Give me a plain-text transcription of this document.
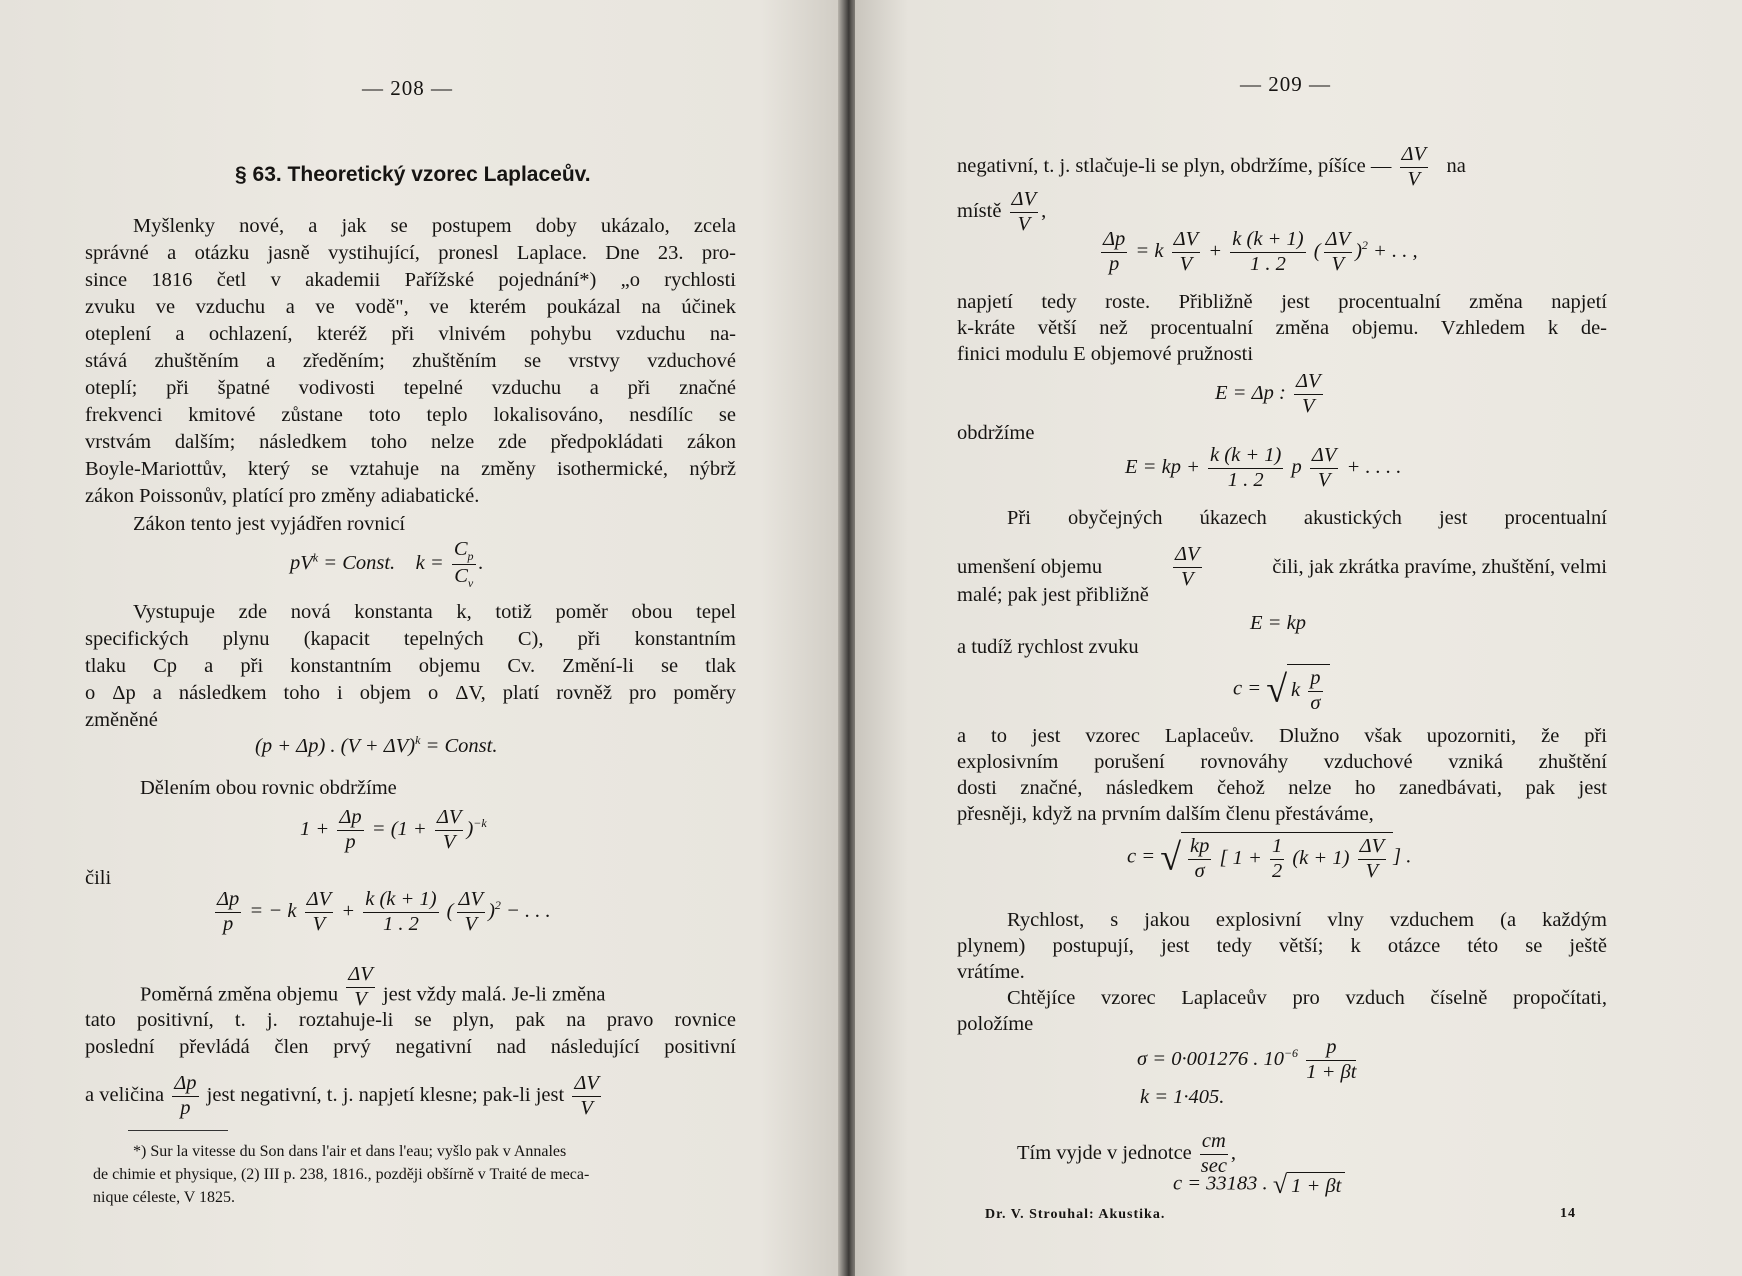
— 208 —
§ 63. Theoretický vzorec Laplaceův.
Myšlenky nové, a jak se postupem doby ukázalo, zcela
správné a otázku jasně vystihující, pronesl Laplace. Dne 23. pro-
since 1816 četl v akademii Pařížské pojednání*) „o rychlosti
zvuku ve vzduchu a ve vodě", ve kterém poukázal na účinek
oteplení a ochlazení, kteréž při vlnivém pohybu vzduchu na-
stává zhuštěním a zředěním; zhuštěním se vrstvy vzduchové
oteplí; při špatné vodivosti tepelné vzduchu a při značné
frekvenci kmitové zůstane toto teplo lokalisováno, nesdílíc se
vrstvám dalším; následkem toho nelze zde předpokládati zákon
Boyle-Mariottův, který se vztahuje na změny isothermické, nýbrž
zákon Poissonův, platící pro změny adiabatické.
Zákon tento jest vyjádřen rovnicí
$pV^k$ = Const. $k = \frac{C_p}{C_v}$ .
Vystupuje zde nová konstanta k, totiž poměr obou tepel
specifických plynu (kapacit tepelných C), při konstantním
tlaku Cp a při konstantním objemu Cv. Změní-li se tlak
o Δp a následkem toho i objem o ΔV, platí rovněž pro poměry
změněné
(p + Δp) . $(V + \Delta V)^k$ = Const.
Dělením obou rovnic obdržíme
$1 + \frac{\Delta p}{p} = (1 + \frac{\Delta V}{V} )^{-k}$
čili
$\frac{\Delta p}{p}$ = − k $\frac{\Delta V}{V} + \frac{k (k + 1)}{1 . 2}$ ( $\frac{\Delta V}{V} )^2$ − . . .
Poměrná změna objemu $\frac{\Delta V}{V}$ jest vždy malá. Je-li změna
tato positivní, t. j. roztahuje-li se plyn, pak na pravo rovnice
poslední převládá člen prvý negativní nad následující positivní
a veličina $\frac{\Delta p}{p}$ jest negativní, t. j. napjetí klesne; pak-li jest $\frac{\Delta V}{V}$
*) Sur la vitesse du Son dans l'air et dans l'eau; vyšlo pak v Annales
de chimie et physique, (2) III p. 238, 1816., později obšírně v Traité de meca-
nique céleste, V 1825.
— 209 —
negativní, t. j. stlačuje-li se plyn, obdržíme, píšíce — $\frac{\Delta V}{V}$ na
místě $\frac{\Delta V}{V}$ ,
$\frac{\Delta p}{p} = k \frac{\Delta V}{V} + \frac{k (k + 1)}{1 . 2}$ ( $\frac{\Delta V}{V} )^2$ + . . ,
napjetí tedy roste. Přibližně jest procentualní změna napjetí
k-kráte větší než procentualní změna objemu. Vzhledem k de-
finici modulu E objemové pružnosti
E = Δp : $\frac{\Delta V}{V}$
obdržíme
E = kp + $\frac{k (k + 1)}{1 . 2}$ p $\frac{\Delta V}{V}$ + . . . .
Při obyčejných úkazech akustických jest procentualní
umenšení objemu
ΔV
V
čili, jak zkrátka pravíme, zhuštění, velmi
malé; pak jest přibližně
E = kp
a tudíž rychlost zvuku
c = √ k $\frac{p}{\sigma}$
a to jest vzorec Laplaceův. Dlužno však upozorniti, že při
explosivním porušení rovnováhy vzduchové vzniká zhuštění
dosti značné, následkem čehož nelze ho zanedbávati, pak jest
přesněji, když na prvním dalším členu přestáváme,
c = √ $\frac{kp}{\sigma}$ [ $1 + \frac{1}{2} (k + 1) \frac{\Delta V}{V}$ ] .
Rychlost, s jakou explosivní vlny vzduchem (a každým
plynem) postupují, jest tedy větší; k otázce této se ještě
vrátíme.
Chtějíce vzorec Laplaceův pro vzduch číselně propočítati,
položíme
σ = 0·001276 . $10^{-6} \frac{p}{1 + \beta t}$
k = 1·405.
Tím vyjde v jednotce
cm
sec
,
c = 33183 . √ 1 + βt
Dr. V. Strouhal: Akustika.	14
